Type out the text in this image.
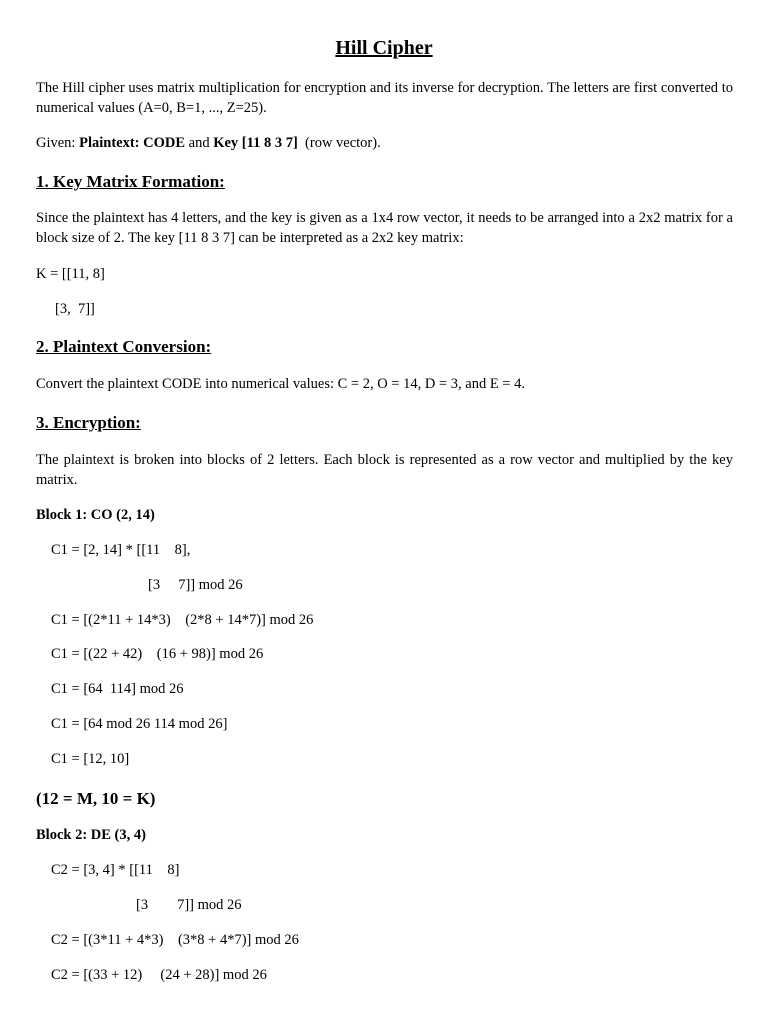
Hill Cipher
The Hill cipher uses matrix multiplication for encryption and its inverse for decryption. The letters are first converted to numerical values (A=0, B=1, ..., Z=25).
Given: Plaintext: CODE and Key [11 8 3 7]  (row vector).
1. Key Matrix Formation:
Since the plaintext has 4 letters, and the key is given as a 1x4 row vector, it needs to be arranged into a 2x2 matrix for a block size of 2. The key [11 8 3 7] can be interpreted as a 2x2 key matrix:
K = [[11, 8]
[3,  7]]
2. Plaintext Conversion:
Convert the plaintext CODE into numerical values: C = 2, O = 14, D = 3, and E = 4.
3. Encryption:
The plaintext is broken into blocks of 2 letters. Each block is represented as a row vector and multiplied by the key matrix.
Block 1: CO (2, 14)
C1 = [2, 14] * [[11    8],
[3     7]] mod 26
C1 = [(2*11 + 14*3)    (2*8 + 14*7)] mod 26
C1 = [(22 + 42)    (16 + 98)] mod 26
C1 = [64  114] mod 26
C1 = [64 mod 26 114 mod 26]
C1 = [12, 10]
(12 = M, 10 = K)
Block 2: DE (3, 4)
C2 = [3, 4] * [[11    8]
[3        7]] mod 26
C2 = [(3*11 + 4*3)    (3*8 + 4*7)] mod 26
C2 = [(33 + 12)     (24 + 28)] mod 26
